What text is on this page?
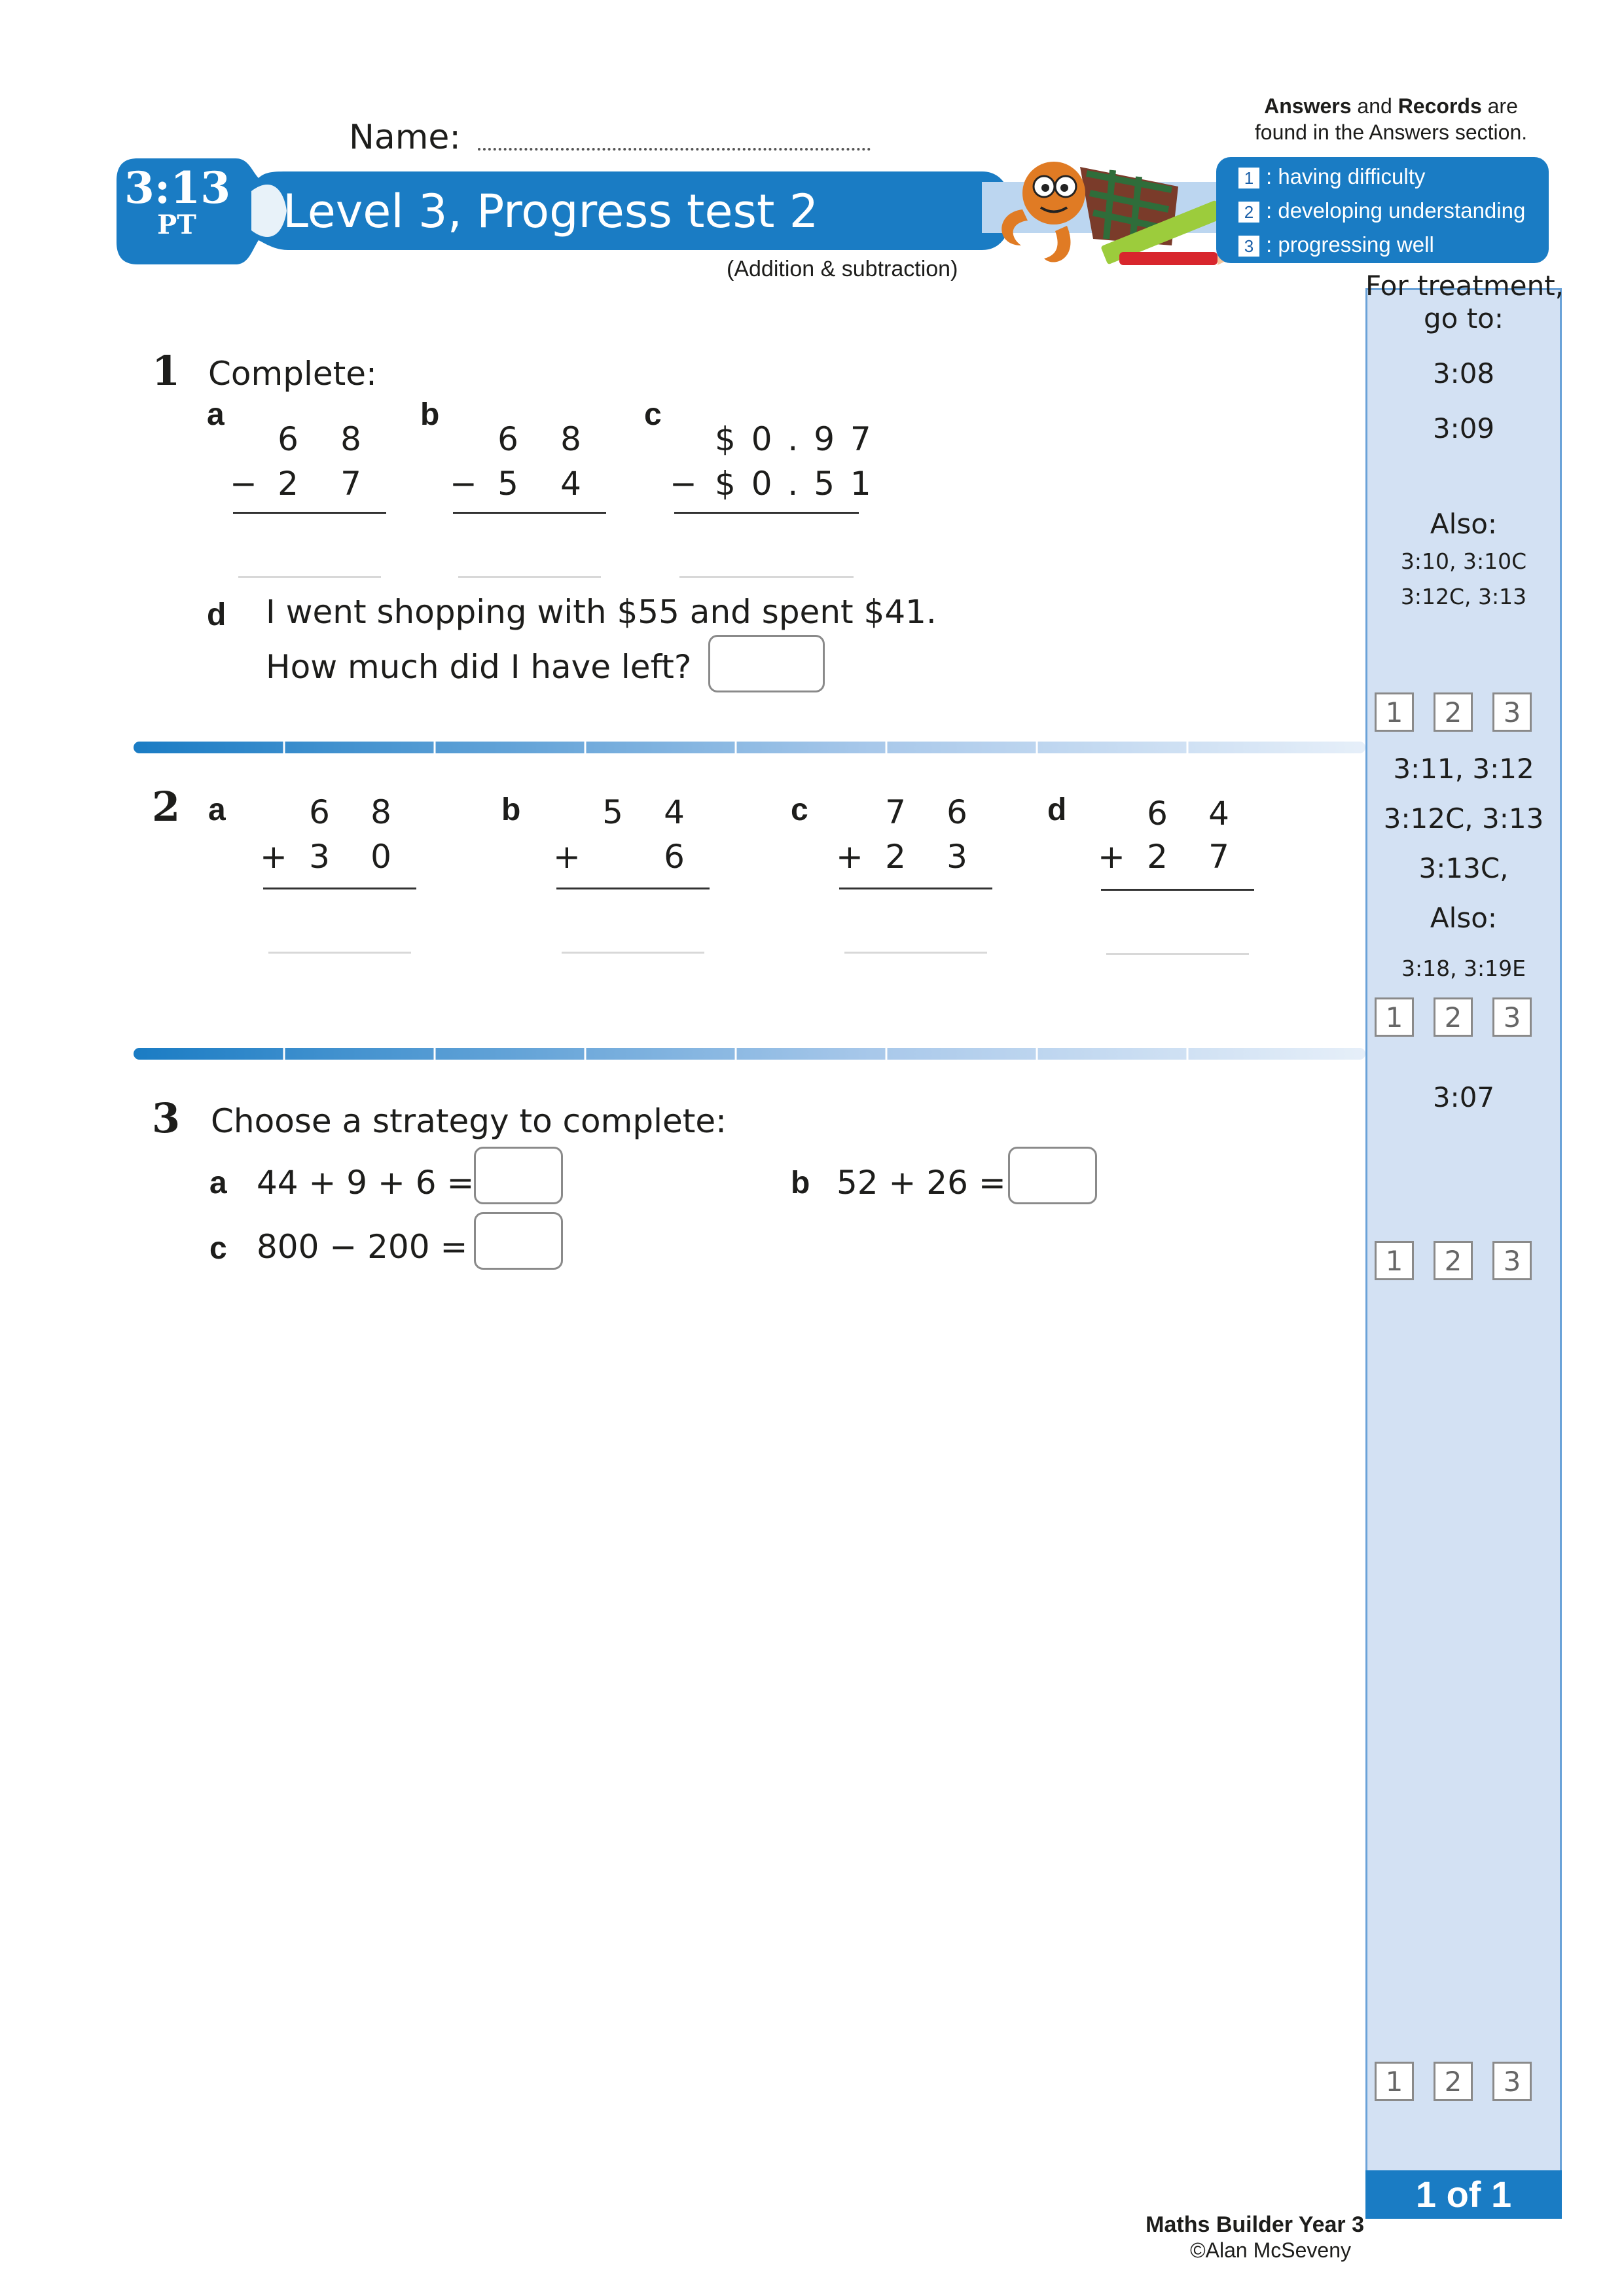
Name:
Answers and Records are
found in the Answers section.
3:13
PT	Level 3, Progress test 2
(Addition & subtraction)
1 : having difficulty
2 : developing understanding
3 : progressing well
For treatment,
go to:
3:08
3:09
Also:
3:10, 3:10C
3:12C, 3:13
1	2	3
3:11, 3:12
3:12C, 3:13
3:13C,
Also:
3:18, 3:19E
1	2	3
3:07
1	2	3
1	2	3
1 of 1
1 Complete:
a
6 8
− 2 7
b
6 8
− 5 4
c
$ 0 . 9 7
− $ 0 . 5 1
d I went shopping with $55 and spent $41.
How much did I have left?
2 a	6 8
+ 3 0
b 5 4
+	6
c 7 6
+ 2 3
d 6 4
+ 2 7
3 Choose a strategy to complete:
a 44 + 9 + 6 =	b 52 + 26 =
c 800 − 200 =
Maths Builder Year 3
©Alan McSeveny
